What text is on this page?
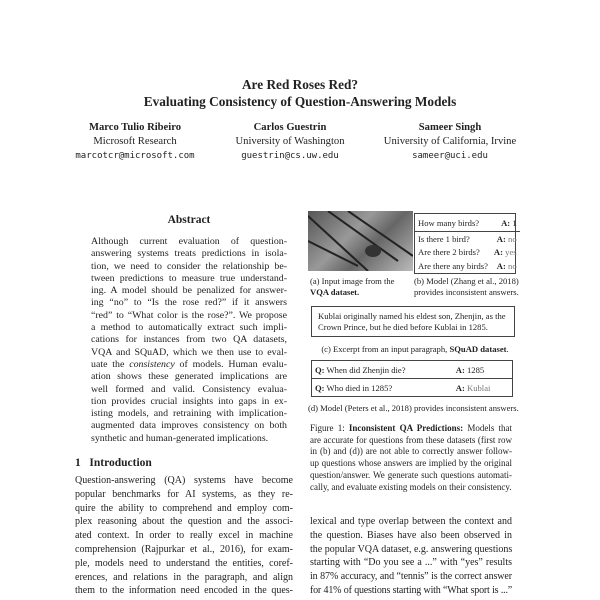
Are Red Roses Red?
Evaluating Consistency of Question-Answering Models
Marco Tulio Ribeiro
Microsoft Research
marcotcr@microsoft.com
Carlos Guestrin
University of Washington
guestrin@cs.uw.edu
Sameer Singh
University of California, Irvine
sameer@uci.edu
Abstract
Although current evaluation of question-
answering systems treats predictions in isola-
tion, we need to consider the relationship be-
tween predictions to measure true understand-
ing. A model should be penalized for answer-
ing “no” to “Is the rose red?” if it answers
“red” to “What color is the rose?”. We propose
a method to automatically extract such impli-
cations for instances from two QA datasets,
VQA and SQuAD, which we then use to eval-
uate the consistency of models. Human evalu-
ation shows these generated implications are
well formed and valid. Consistency evalua-
tion provides crucial insights into gaps in ex-
isting models, and retraining with implication-
augmented data improves consistency on both
synthetic and human-generated implications.
1 Introduction
Question-answering (QA) systems have become
popular benchmarks for AI systems, as they re-
quire the ability to comprehend and employ com-
plex reasoning about the question and the associ-
ated context. In order to really excel in machine
comprehension (Rajpurkar et al., 2016), for exam-
ple, models need to understand the entities, coref-
erences, and relations in the paragraph, and align
them to the information need encoded in the ques-
How many birds?	A: 1
Is there 1 bird?	A: no
Are there 2 birds?	A: yes
Are there any birds?	A: no
(a) Input image from the
VQA dataset.
(b) Model (Zhang et al., 2018)
provides inconsistent answers.
Kublai originally named his eldest son, Zhenjin, as the
Crown Prince, but he died before Kublai in 1285.
(c) Excerpt from an input paragraph, SQuAD dataset.
Q: When did Zhenjin die?	A: 1285
Q: Who died in 1285?	A: Kublai
(d) Model (Peters et al., 2018) provides inconsistent answers.
Figure 1: Inconsistent QA Predictions: Models that
are accurate for questions from these datasets (first row
in (b) and (d)) are not able to correctly answer follow-
up questions whose answers are implied by the original
question/answer. We generate such questions automati-
cally, and evaluate existing models on their consistency.
lexical and type overlap between the context and
the question. Biases have also been observed in
the popular VQA dataset, e.g. answering questions
starting with “Do you see a ...” with “yes” results
in 87% accuracy, and “tennis” is the correct answer
for 41% of questions starting with “What sport is ...”
